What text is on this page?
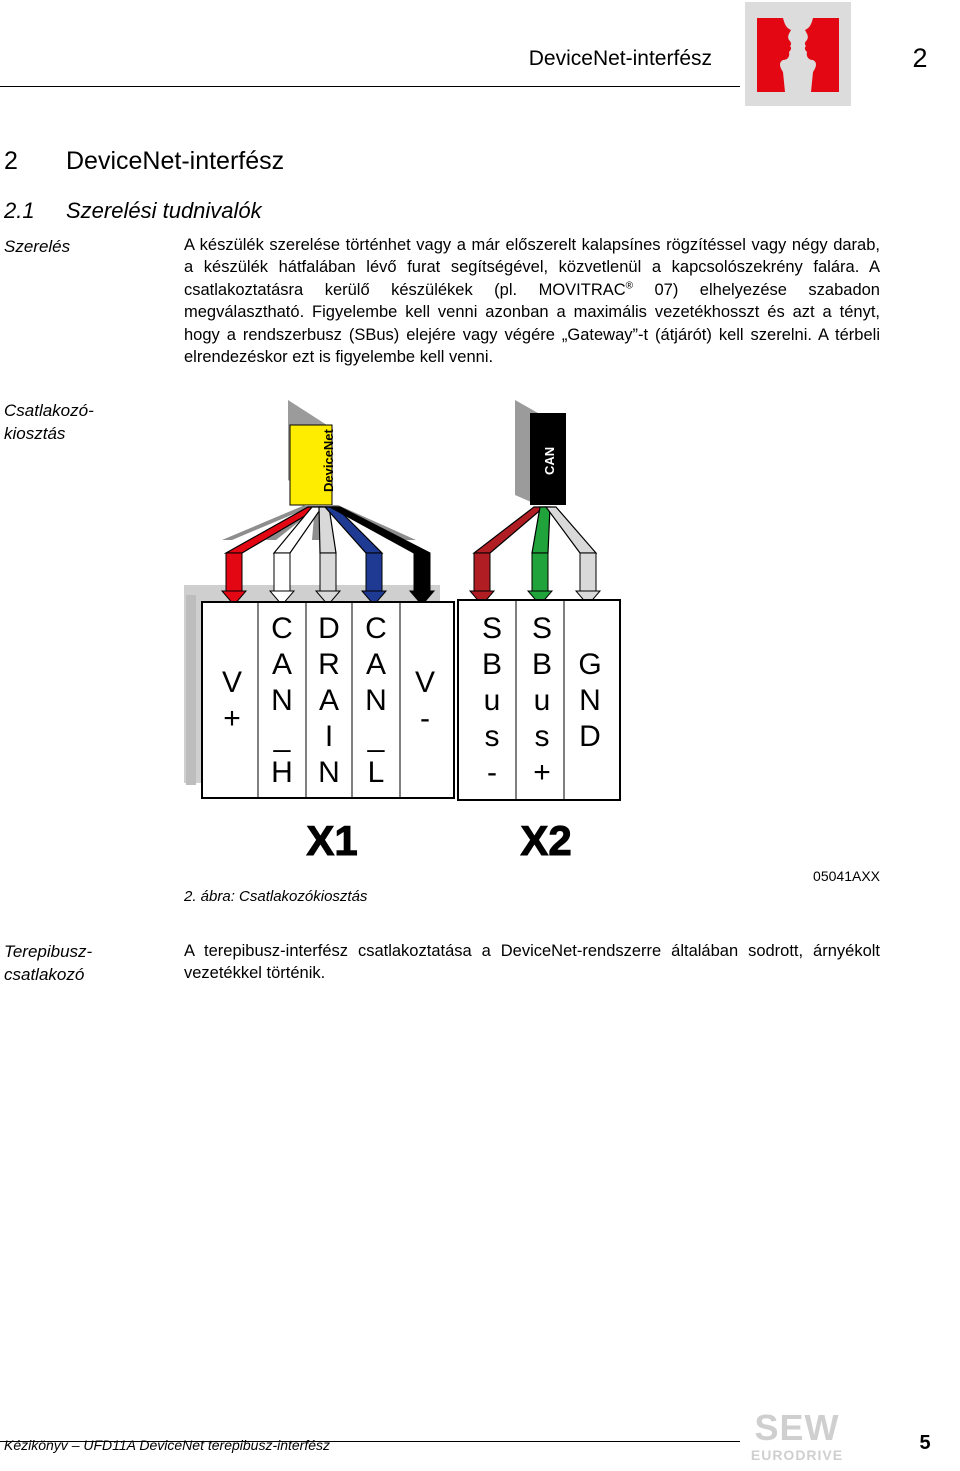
DeviceNet-interfész	2
2 DeviceNet-interfész
2.1 Szerelési tudnivalók
Szerelés	A készülék szerelése történhet vagy a már előszerelt kalapsínes rögzítéssel vagy négy darab, a készülék hátfalában lévő furat segítségével, közvetlenül a kapcsolószekrény falára. A csatlakoztatásra kerülő készülékek (pl. MOVITRAC® 07) elhelyezése szabadon megválasztható. Figyelembe kell venni azonban a maximális vezetékhosszt és azt a tényt, hogy a rendszerbusz (SBus) elejére vagy végére „Gateway”-t (átjárót) kell szerelni. A térbeli elrendezéskor ezt is figyelembe kell venni.

Csatlakozó-
kiosztás	DeviceNet	CAN
V
+
C
A
N
_
H
D
R
A
I
N
C
A
N
_
L
V
-
S
B
u
s
-
S
B
u
s
+
G
N
D
X1	X2
2. ábra: Csatlakozókiosztás
05041AXX
Terepibusz-
csatlakozó
A terepibusz-interfész csatlakoztatása a DeviceNet-rendszerre általában sodrott, árnyékolt vezetékkel történik.
Kézikönyv – UFD11A DeviceNet terepibusz-interfész	SEW
EURODRIVE
5
